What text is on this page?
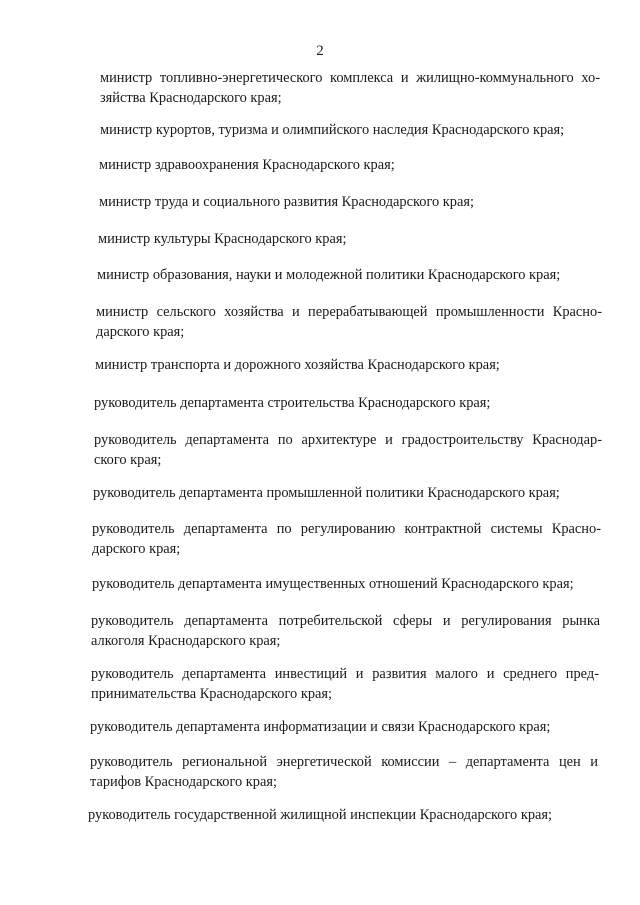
2
министр топливно-энергетического комплекса и жилищно-коммунального хо-
зяйства Краснодарского края;
министр курортов, туризма и олимпийского наследия Краснодарского края;
министр здравоохранения Краснодарского края;
министр труда и социального развития Краснодарского края;
министр культуры Краснодарского края;
министр образования, науки и молодежной политики Краснодарского края;
министр сельского хозяйства и перерабатывающей промышленности Красно-
дарского края;
министр транспорта и дорожного хозяйства Краснодарского края;
руководитель департамента строительства Краснодарского края;
руководитель департамента по архитектуре и градостроительству Краснодар-
ского края;
руководитель департамента промышленной политики Краснодарского края;
руководитель департамента по регулированию контрактной системы Красно-
дарского края;
руководитель департамента имущественных отношений Краснодарского края;
руководитель департамента потребительской сферы и регулирования рынка
алкоголя Краснодарского края;
руководитель департамента инвестиций и развития малого и среднего пред-
принимательства Краснодарского края;
руководитель департамента информатизации и связи Краснодарского края;
руководитель региональной энергетической комиссии – департамента цен и
тарифов Краснодарского края;
руководитель государственной жилищной инспекции Краснодарского края;
